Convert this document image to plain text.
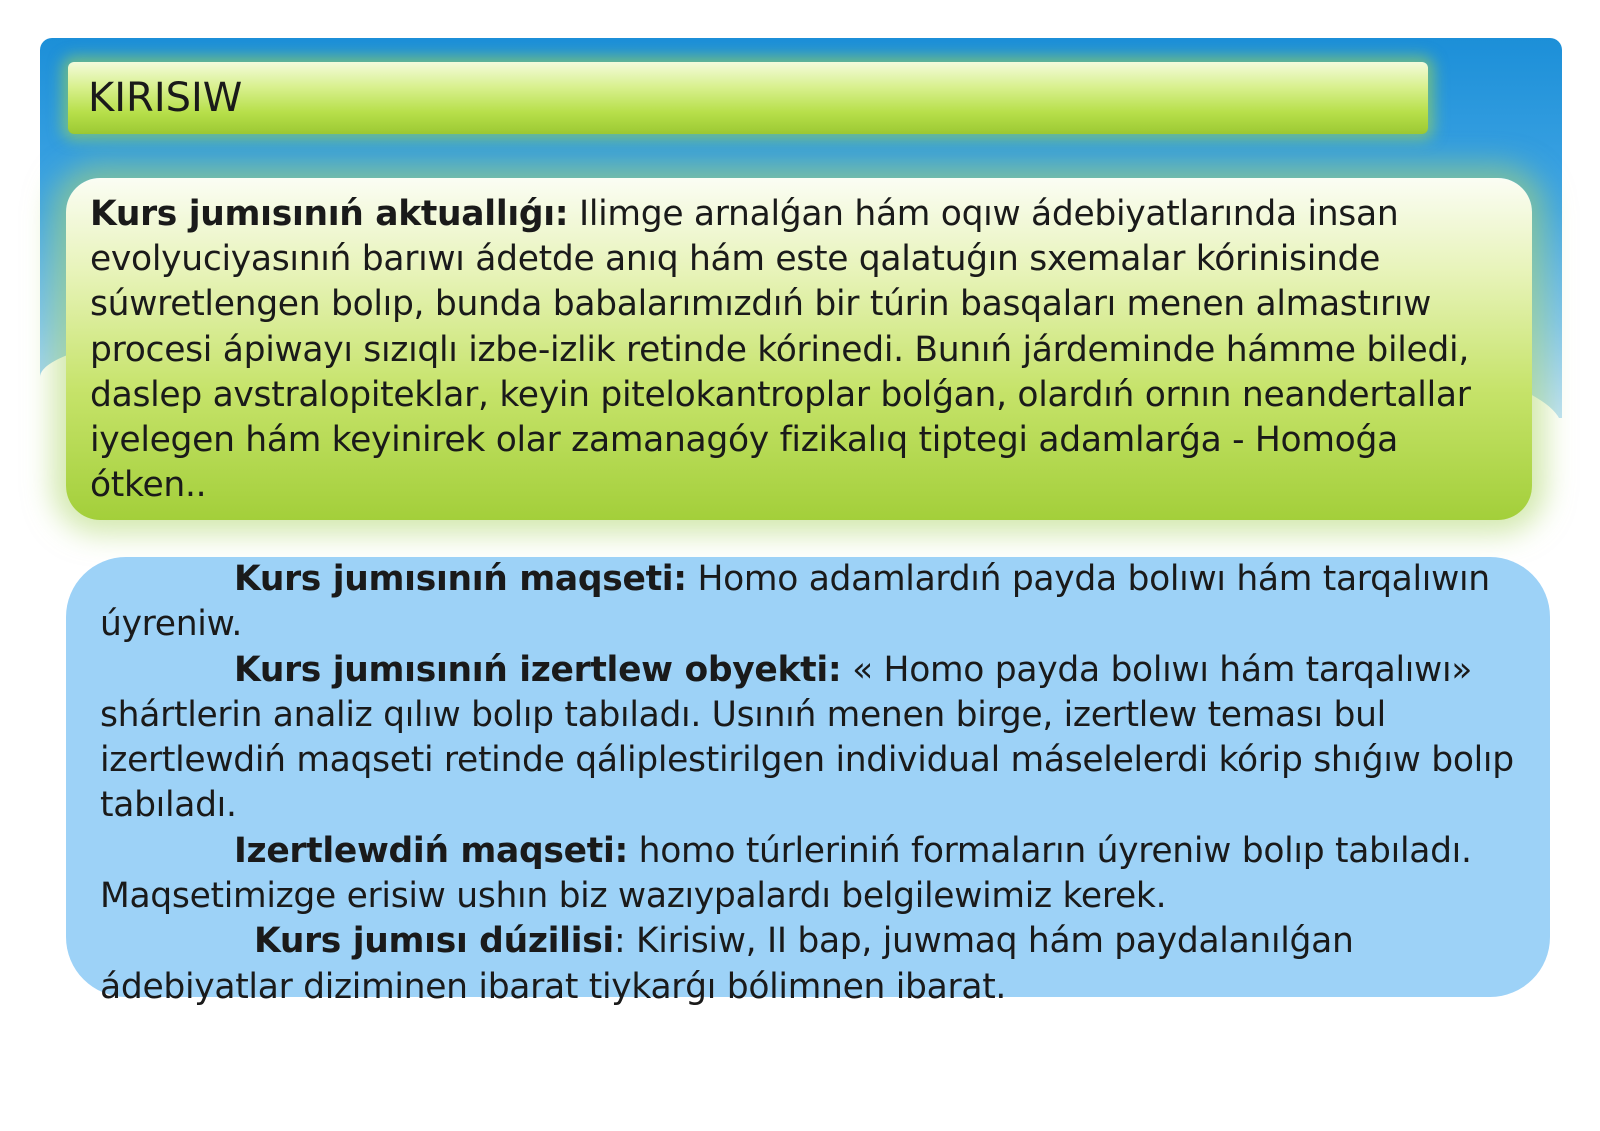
KIRISIW

Kurs jumısınıń aktuallıǵı: Ilimge arnalǵan hám oqıw ádebiyatlarında insan evolyuciyasınıń barıwı ádetde anıq hám este qalatuǵın sxemalar kórinisinde súwretlengen bolıp, bunda babalarımızdıń bir túrin basqaları menen almastırıw procesi ápiwayı sızıqlı izbe-izlik retinde kórinedi. Bunıń járdeminde hámme biledi, daslep avstralopiteklar, keyin pitelokantroplar bolǵan, olardıń ornın neandertallar iyelegen hám keyinirek olar zamanagóy fizikalıq tiptegi adamlarǵa - Homoǵa ótken..

Kurs jumısınıń maqseti: Homo adamlardıń payda bolıwı hám tarqalıwın úyreniw.

Kurs jumısınıń izertlew obyekti: « Homo payda bolıwı hám tarqalıwı» shártlerin analiz qılıw bolıp tabıladı. Usınıń menen birge, izertlew teması bul izertlewdiń maqseti retinde qáliplestirilgen individual máselelerdi kórip shıǵıw bolıp tabıladı.

Izertlewdiń maqseti: homo túrleriniń formaların úyreniw bolıp tabıladı. Maqsetimizge erisiw ushın biz wazıypalardı belgilewimiz kerek.

Kurs jumısı dúzilisi: Kirisiw, II bap, juwmaq hám paydalanılǵan ádebiyatlar diziminen ibarat tiykarǵı bólimnen ibarat.
